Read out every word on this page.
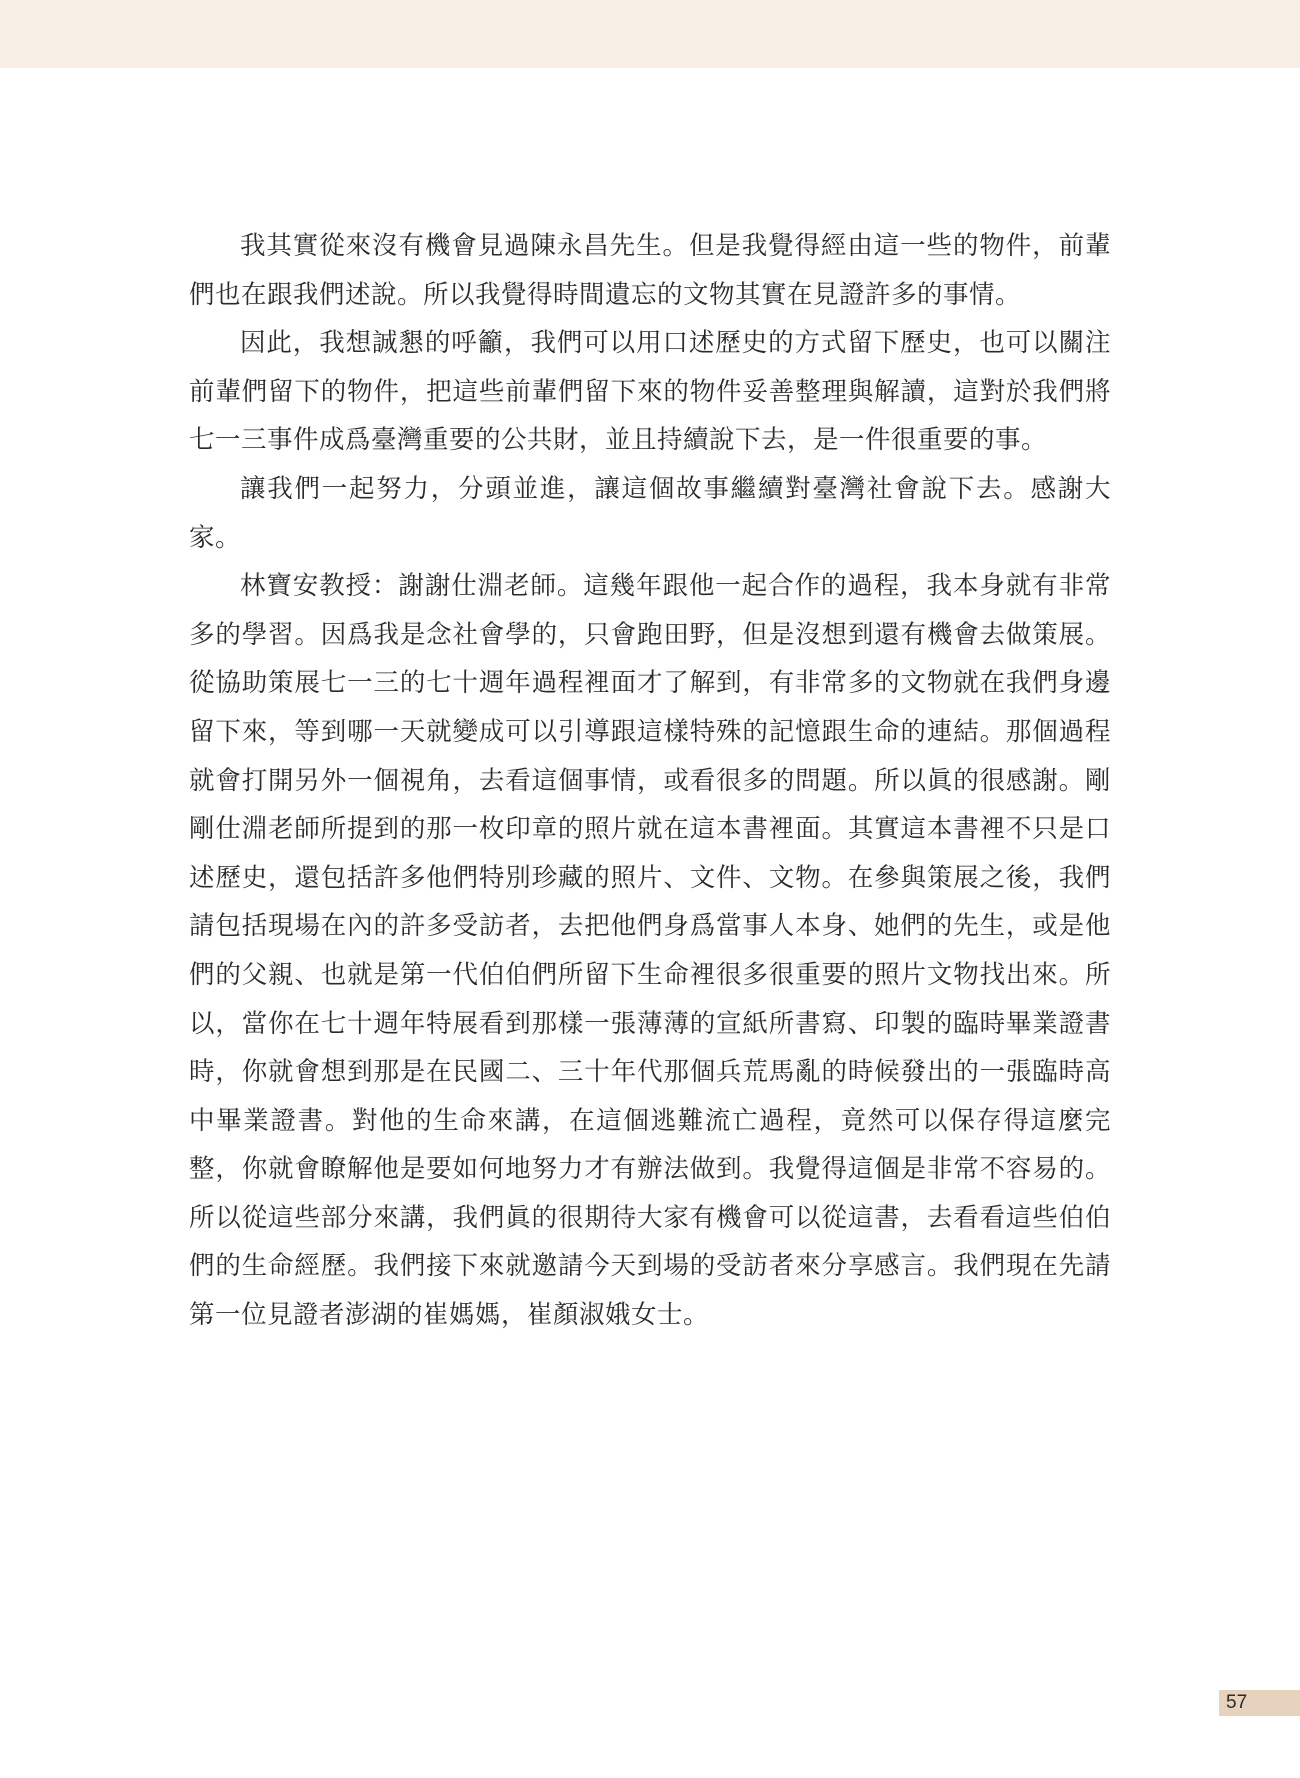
我其實從來沒有機會見過陳永昌先生。但是我覺得經由這一些的物件，前輩們也在跟我們述說。所以我覺得時間遺忘的文物其實在見證許多的事情。

因此，我想誠懇的呼籲，我們可以用口述歷史的方式留下歷史，也可以關注前輩們留下的物件，把這些前輩們留下來的物件妥善整理與解讀，這對於我們將七一三事件成爲臺灣重要的公共財，並且持續說下去，是一件很重要的事。

讓我們一起努力，分頭並進，讓這個故事繼續對臺灣社會說下去。感謝大家。

林寶安教授：謝謝仕淵老師。這幾年跟他一起合作的過程，我本身就有非常多的學習。因爲我是念社會學的，只會跑田野，但是沒想到還有機會去做策展。從協助策展七一三的七十週年過程裡面才了解到，有非常多的文物就在我們身邊留下來，等到哪一天就變成可以引導跟這樣特殊的記憶跟生命的連結。那個過程就會打開另外一個視角，去看這個事情，或看很多的問題。所以眞的很感謝。剛剛仕淵老師所提到的那一枚印章的照片就在這本書裡面。其實這本書裡不只是口述歷史，還包括許多他們特別珍藏的照片、文件、文物。在參與策展之後，我們請包括現場在內的許多受訪者，去把他們身爲當事人本身、她們的先生，或是他們的父親、也就是第一代伯伯們所留下生命裡很多很重要的照片文物找出來。所以，當你在七十週年特展看到那樣一張薄薄的宣紙所書寫、印製的臨時畢業證書時，你就會想到那是在民國二、三十年代那個兵荒馬亂的時候發出的一張臨時高中畢業證書。對他的生命來講，在這個逃難流亡過程，竟然可以保存得這麼完整，你就會瞭解他是要如何地努力才有辦法做到。我覺得這個是非常不容易的。所以從這些部分來講，我們眞的很期待大家有機會可以從這書，去看看這些伯伯們的生命經歷。我們接下來就邀請今天到場的受訪者來分享感言。我們現在先請第一位見證者澎湖的崔媽媽，崔顏淑娥女士。

57
